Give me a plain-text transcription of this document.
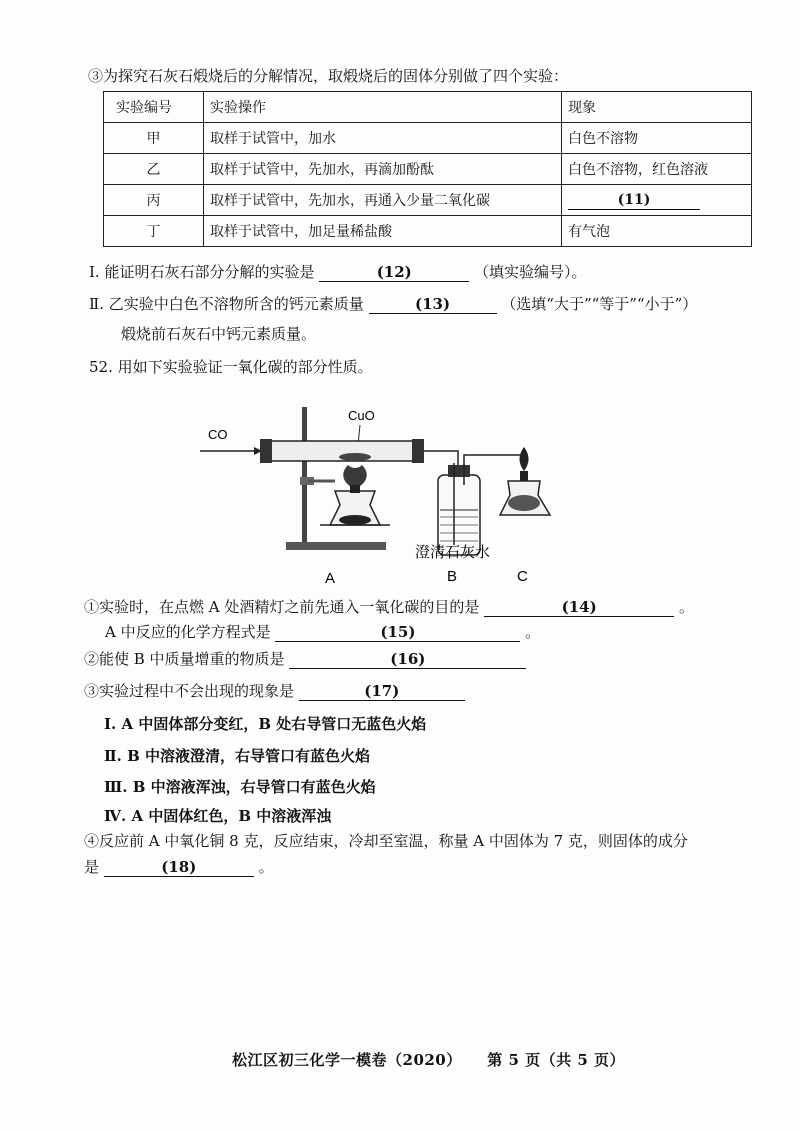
③为探究石灰石煅烧后的分解情况，取煅烧后的固体分别做了四个实验：
实验编号	实验操作	现象
甲	取样于试管中，加水	白色不溶物
乙	取样于试管中，先加水，再滴加酚酞	白色不溶物，红色溶液
丙	取样于试管中，先加水，再通入少量二氧化碳	(11)
丁	取样于试管中，加足量稀盐酸	有气泡
Ⅰ. 能证明石灰石部分分解的实验是	(12)	（填实验编号）。
Ⅱ. 乙实验中白色不溶物所含的钙元素质量	(13)	（选填“大于”“等于”“小于”）
煅烧前石灰石中钙元素质量。
52. 用如下实验验证一氧化碳的部分性质。
CO
CuO
澄清石灰水
A	B	C
①实验时，在点燃 A 处酒精灯之前先通入一氧化碳的目的是	(14)	。
A 中反应的化学方程式是	(15)	。
②能使 B 中质量增重的物质是	(16)
③实验过程中不会出现的现象是	(17)
Ⅰ. A 中固体部分变红，B 处右导管口无蓝色火焰
Ⅱ. B 中溶液澄清，右导管口有蓝色火焰
Ⅲ. B 中溶液浑浊，右导管口有蓝色火焰
Ⅳ. A 中固体红色，B 中溶液浑浊
④反应前 A 中氧化铜 8 克，反应结束，冷却至室温，称量 A 中固体为 7 克，则固体的成分
是	(18)	。
松江区初三化学一模卷（2020） 第 5 页（共 5 页）
